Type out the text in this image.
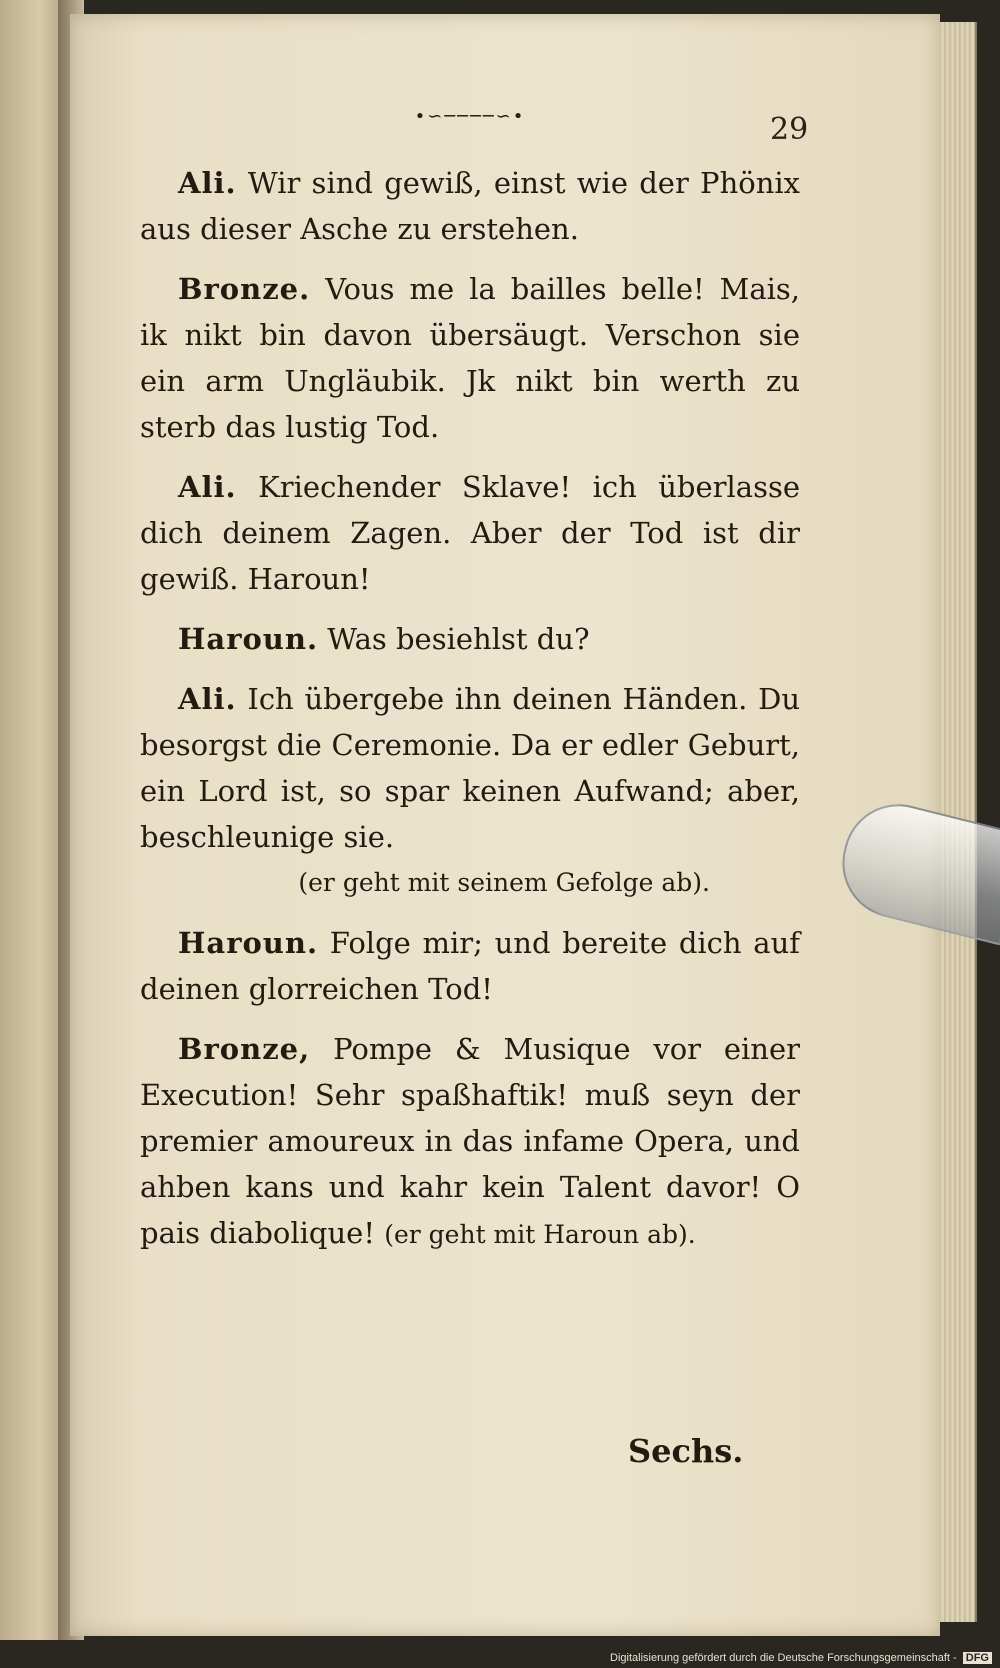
•∽────∽•	29

Ali. Wir sind gewiß, einst wie der Phönix aus dieser Asche zu erstehen.

Bronze. Vous me la bailles belle! Mais, ik nikt bin davon übersäugt. Verschon sie ein arm Ungläubik. Jk nikt bin werth zu sterb das lustig Tod.

Ali. Kriechender Sklave! ich überlasse dich deinem Zagen. Aber der Tod ist dir gewiß. Haroun!

Haroun. Was besiehlst du?

Ali. Ich übergebe ihn deinen Händen. Du besorgst die Ceremonie. Da er edler Geburt, ein Lord ist, so spar keinen Aufwand; aber, beschleunige sie.
(er geht mit seinem Gefolge ab).

Haroun. Folge mir; und bereite dich auf deinen glorreichen Tod!

Bronze, Pompe & Musique vor einer Execution! Sehr spaßhaftik! muß seyn der premier amoureux in das infame Opera, und ahben kans und kahr kein Talent davor! O pais diabolique! (er geht mit Haroun ab).

Sechs.
Digitalisierung gefördert durch die Deutsche Forschungsgemeinschaft - DFG
